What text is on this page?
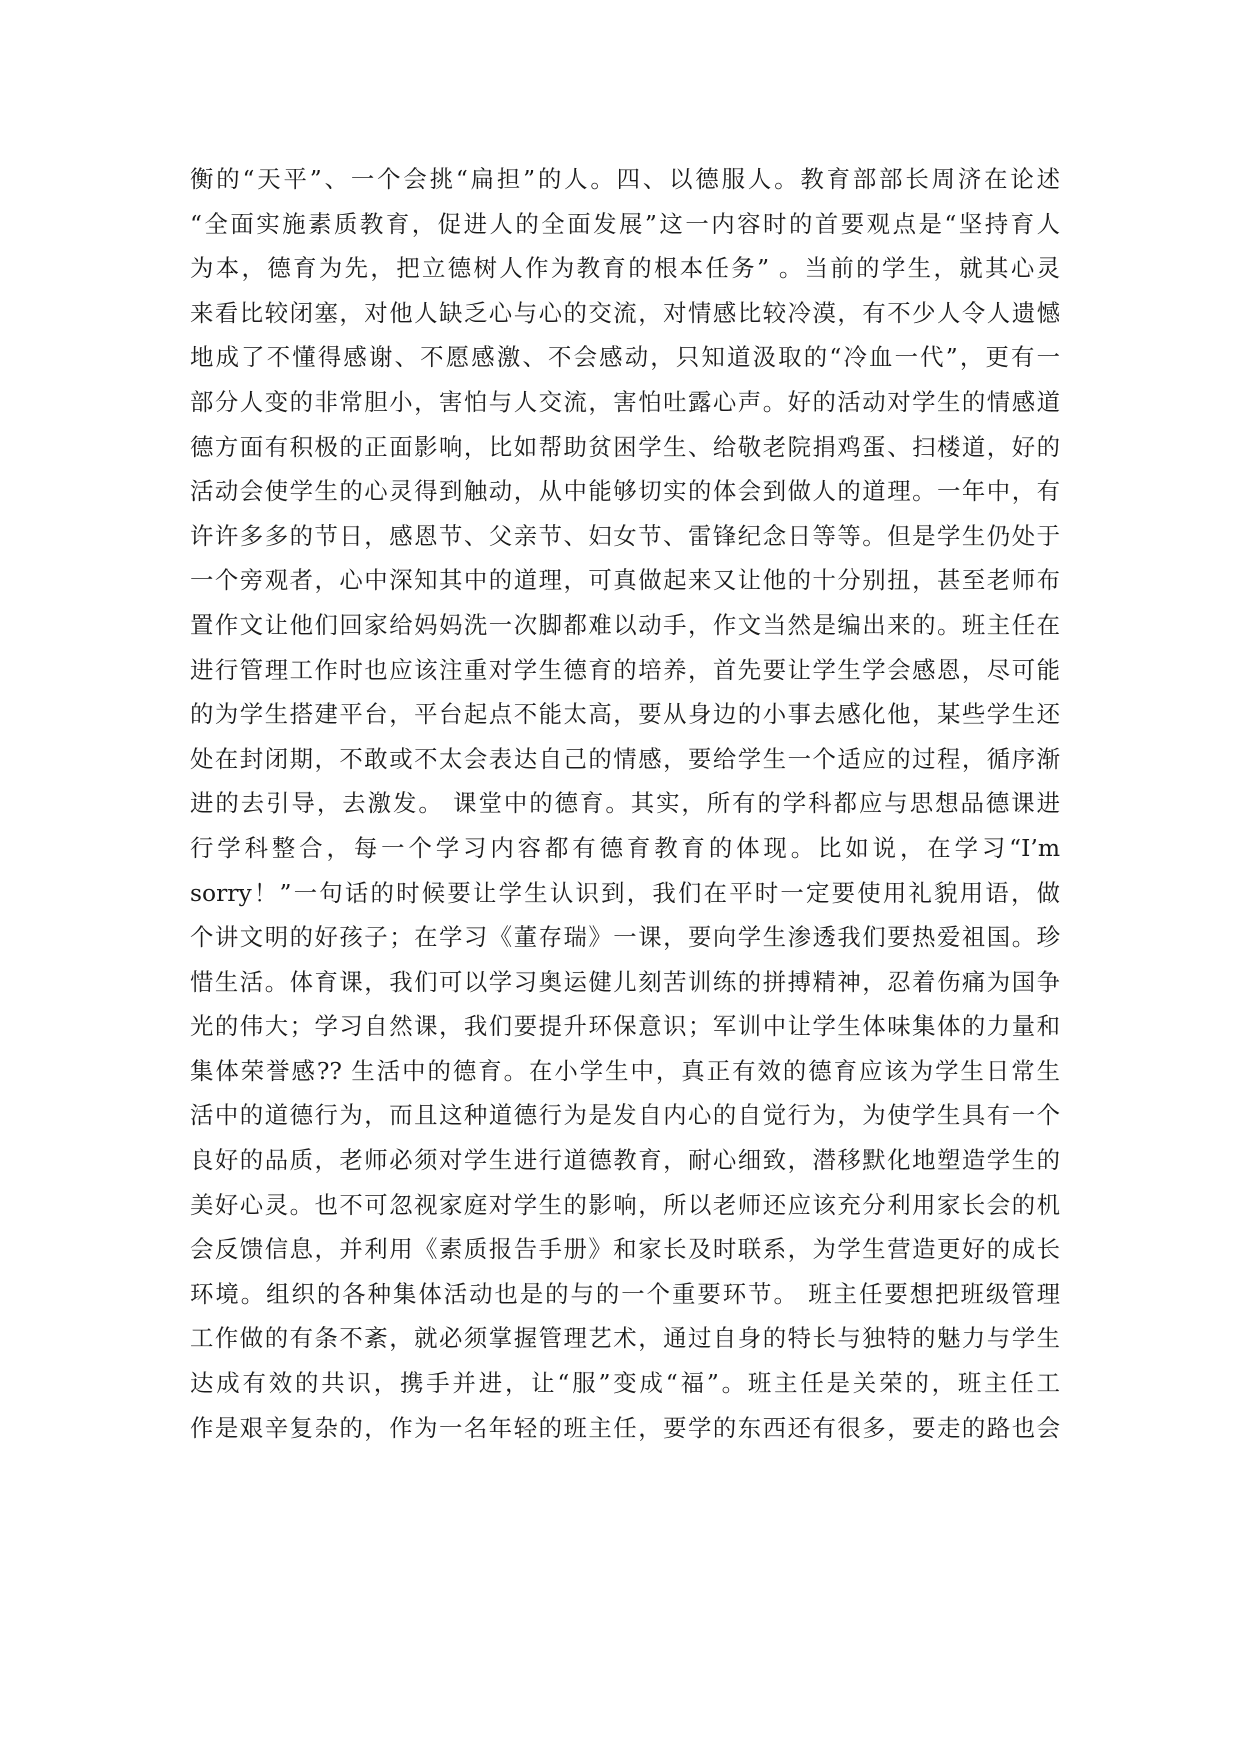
衡的“天平”、一个会挑“扁担”的人。四、以德服人。教育部部长周济在论述
“全面实施素质教育，促进人的全面发展”这一内容时的首要观点是“坚持育人
为本，德育为先，把立德树人作为教育的根本任务” 。当前的学生，就其心灵
来看比较闭塞，对他人缺乏心与心的交流，对情感比较冷漠，有不少人令人遗憾
地成了不懂得感谢、不愿感激、不会感动，只知道汲取的“冷血一代”，更有一
部分人变的非常胆小，害怕与人交流，害怕吐露心声。好的活动对学生的情感道
德方面有积极的正面影响，比如帮助贫困学生、给敬老院捐鸡蛋、扫楼道，好的
活动会使学生的心灵得到触动，从中能够切实的体会到做人的道理。一年中，有
许许多多的节日，感恩节、父亲节、妇女节、雷锋纪念日等等。但是学生仍处于
一个旁观者，心中深知其中的道理，可真做起来又让他的十分别扭，甚至老师布
置作文让他们回家给妈妈洗一次脚都难以动手，作文当然是编出来的。班主任在
进行管理工作时也应该注重对学生德育的培养，首先要让学生学会感恩，尽可能
的为学生搭建平台，平台起点不能太高，要从身边的小事去感化他，某些学生还
处在封闭期，不敢或不太会表达自己的情感，要给学生一个适应的过程，循序渐
进的去引导，去激发。 课堂中的德育。其实，所有的学科都应与思想品德课进
行学科整合，每一个学习内容都有德育教育的体现。比如说，在学习“I’m
sorry！”一句话的时候要让学生认识到，我们在平时一定要使用礼貌用语，做
个讲文明的好孩子；在学习《董存瑞》一课，要向学生渗透我们要热爱祖国。珍
惜生活。体育课，我们可以学习奥运健儿刻苦训练的拼搏精神，忍着伤痛为国争
光的伟大；学习自然课，我们要提升环保意识；军训中让学生体味集体的力量和
集体荣誉感?? 生活中的德育。在小学生中，真正有效的德育应该为学生日常生
活中的道德行为，而且这种道德行为是发自内心的自觉行为，为使学生具有一个
良好的品质，老师必须对学生进行道德教育，耐心细致，潜移默化地塑造学生的
美好心灵。也不可忽视家庭对学生的影响，所以老师还应该充分利用家长会的机
会反馈信息，并利用《素质报告手册》和家长及时联系，为学生营造更好的成长
环境。组织的各种集体活动也是的与的一个重要环节。 班主任要想把班级管理
工作做的有条不紊，就必须掌握管理艺术，通过自身的特长与独特的魅力与学生
达成有效的共识，携手并进，让“服”变成“福”。班主任是关荣的，班主任工
作是艰辛复杂的，作为一名年轻的班主任，要学的东西还有很多，要走的路也会
